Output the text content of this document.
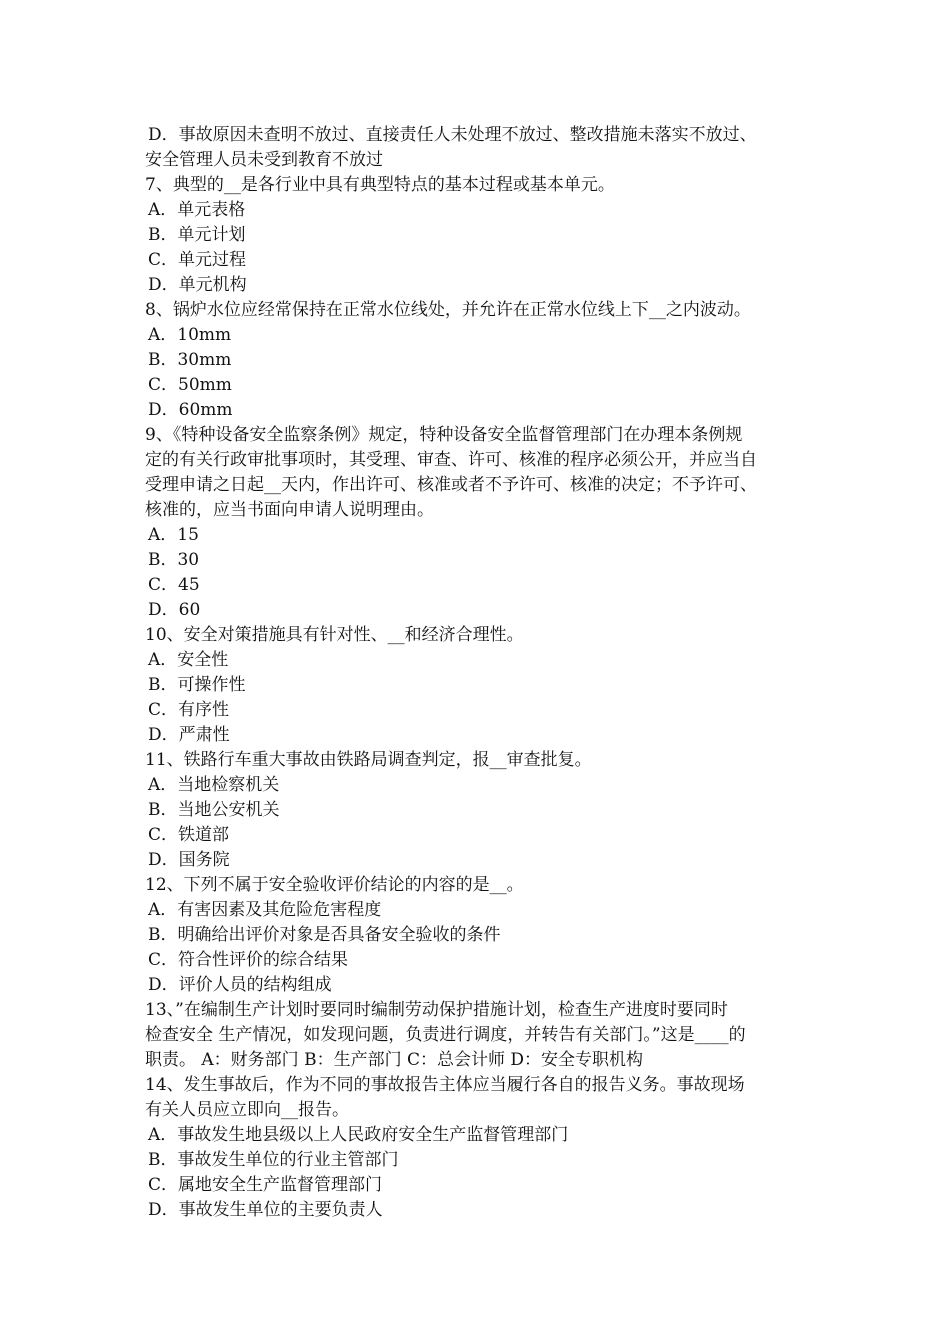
D．事故原因未查明不放过、直接责任人未处理不放过、整改措施未落实不放过、
安全管理人员未受到教育不放过
7、典型的__是各行业中具有典型特点的基本过程或基本单元。
A．单元表格
B．单元计划
C．单元过程
D．单元机构
8、锅炉水位应经常保持在正常水位线处，并允许在正常水位线上下__之内波动。
A．10mm
B．30mm
C．50mm
D．60mm
9、《特种设备安全监察条例》规定，特种设备安全监督管理部门在办理本条例规
定的有关行政审批事项时，其受理、审查、许可、核准的程序必须公开，并应当自
受理申请之日起__天内，作出许可、核准或者不予许可、核准的决定；不予许可、
核准的，应当书面向申请人说明理由。
A．15
B．30
C．45
D．60
10、安全对策措施具有针对性、__和经济合理性。
A．安全性
B．可操作性
C．有序性
D．严肃性
11、铁路行车重大事故由铁路局调查判定，报__审查批复。
A．当地检察机关
B．当地公安机关
C．铁道部
D．国务院
12、下列不属于安全验收评价结论的内容的是__。
A．有害因素及其危险危害程度
B．明确给出评价对象是否具备安全验收的条件
C．符合性评价的综合结果
D．评价人员的结构组成
13、”在编制生产计划时要同时编制劳动保护措施计划，检查生产进度时要同时
检查安全 生产情况，如发现问题，负责进行调度，并转告有关部门。”这是____的
职责。 A：财务部门 B：生产部门 C：总会计师 D：安全专职机构
14、发生事故后，作为不同的事故报告主体应当履行各自的报告义务。事故现场
有关人员应立即向__报告。
A．事故发生地县级以上人民政府安全生产监督管理部门
B．事故发生单位的行业主管部门
C．属地安全生产监督管理部门
D．事故发生单位的主要负责人
